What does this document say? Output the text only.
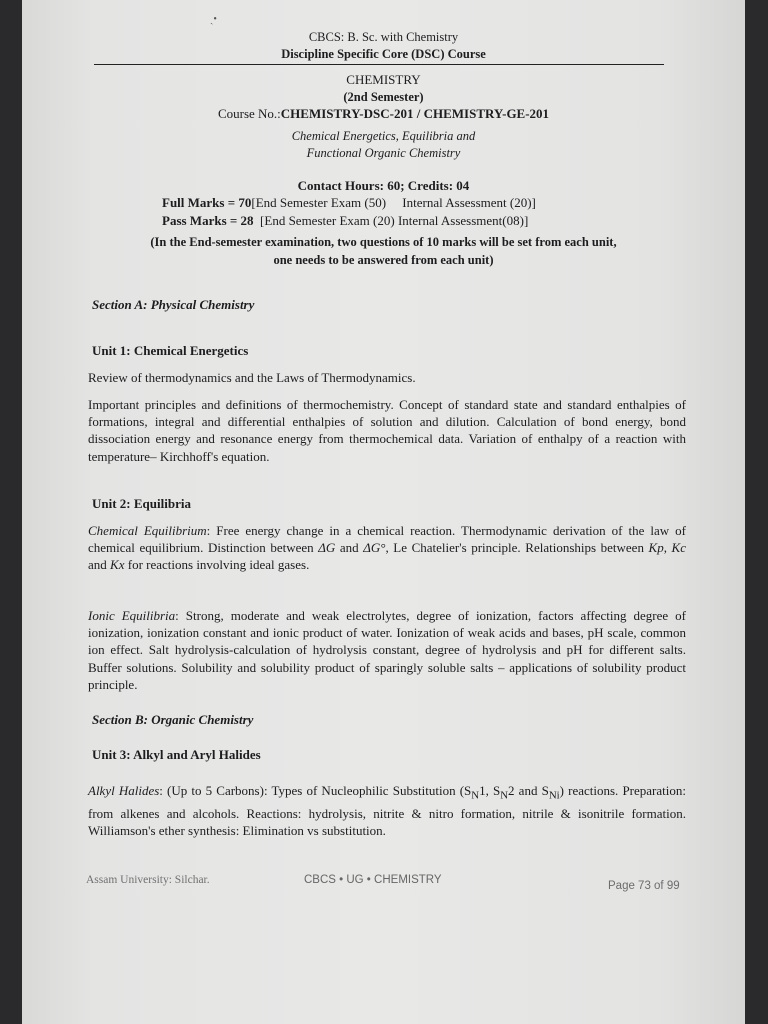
ˏ•
CBCS: B. Sc. with Chemistry
Discipline Specific Core (DSC) Course
CHEMISTRY
(2nd Semester)
Course No.:CHEMISTRY-DSC-201 / CHEMISTRY-GE-201
Chemical Energetics, Equilibria and
Functional Organic Chemistry
Contact Hours: 60; Credits: 04
Full Marks = 70[End Semester Exam (50)     Internal Assessment (20)]
Pass Marks = 28  [End Semester Exam (20) Internal Assessment(08)]
(In the End-semester examination, two questions of 10 marks will be set from each unit,
one needs to be answered from each unit)
Section A: Physical Chemistry
Unit 1: Chemical Energetics
Review of thermodynamics and the Laws of Thermodynamics.
Important principles and definitions of thermochemistry. Concept of standard state and standard enthalpies of formations, integral and differential enthalpies of solution and dilution. Calculation of bond energy, bond dissociation energy and resonance energy from thermochemical data. Variation of enthalpy of a reaction with temperature– Kirchhoff's equation.
Unit 2: Equilibria
Chemical Equilibrium: Free energy change in a chemical reaction. Thermodynamic derivation of the law of chemical equilibrium. Distinction between ΔG and ΔG°, Le Chatelier's principle. Relationships between Kp, Kc and Kx for reactions involving ideal gases.
Ionic Equilibria: Strong, moderate and weak electrolytes, degree of ionization, factors affecting degree of ionization, ionization constant and ionic product of water. Ionization of weak acids and bases, pH scale, common ion effect. Salt hydrolysis-calculation of hydrolysis constant, degree of hydrolysis and pH for different salts. Buffer solutions. Solubility and solubility product of sparingly soluble salts – applications of solubility product principle.
Section B: Organic Chemistry
Unit 3: Alkyl and Aryl Halides
Alkyl Halides: (Up to 5 Carbons): Types of Nucleophilic Substitution ($S_N1$, $S_N2$ and $S_{Ni}$) reactions. Preparation: from alkenes and alcohols. Reactions: hydrolysis, nitrite & nitro formation, nitrile & isonitrile formation. Williamson's ether synthesis: Elimination vs substitution.
Assam University: Silchar.	CBCS • UG • CHEMISTRY	Page 73 of 99
